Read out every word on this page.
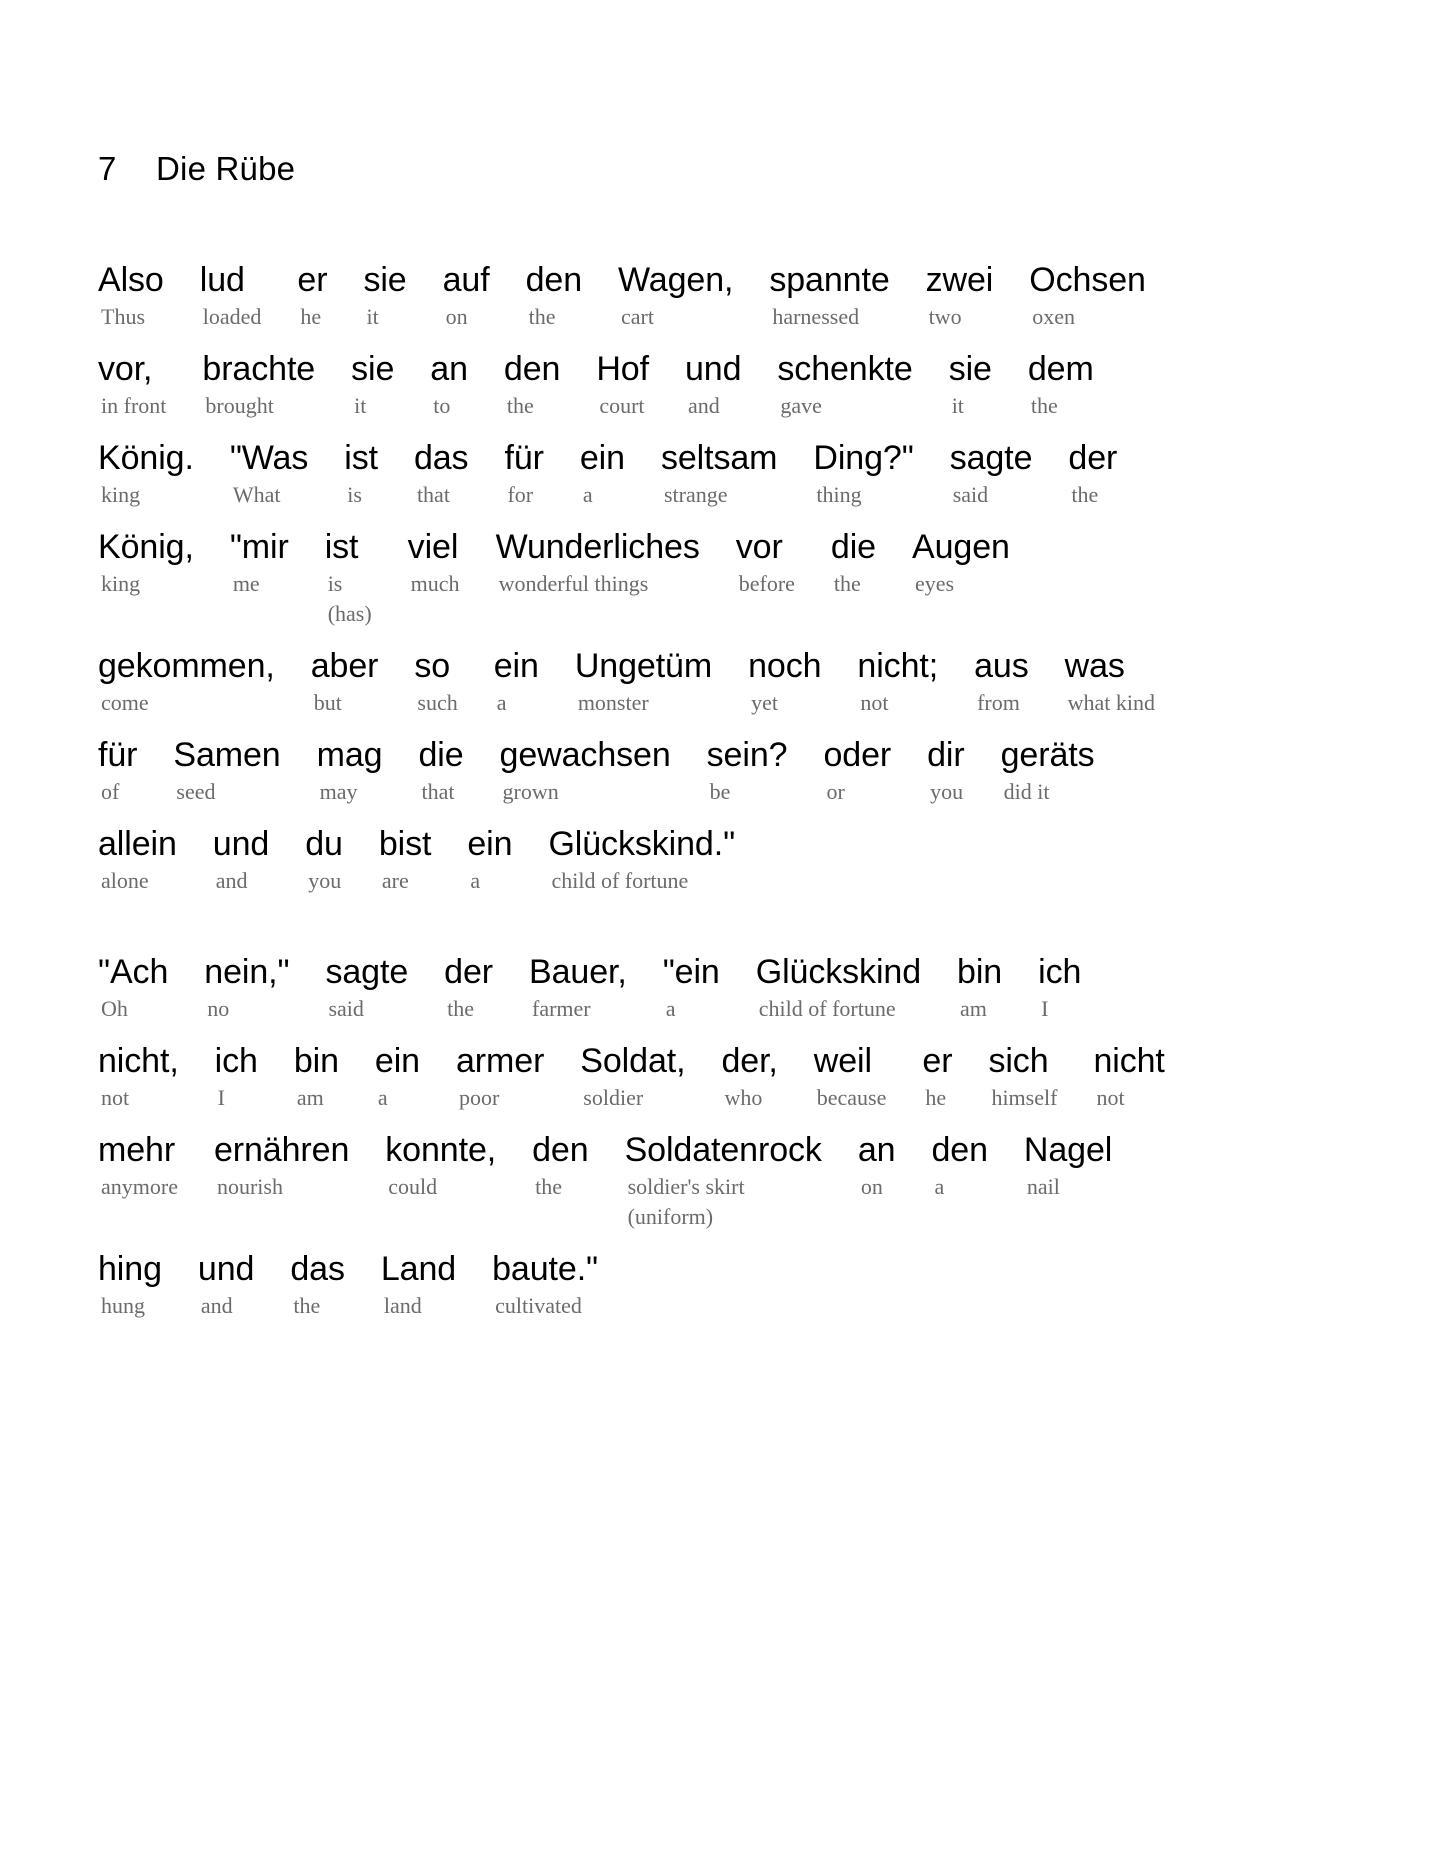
7	Die Rübe
Also
Thus
lud
loaded
er
he
sie
it
auf
on
den
the
Wagen,
cart
spannte
harnessed
zwei
two
Ochsen
oxen
vor,
in front
brachte
brought
sie
it
an
to
den
the
Hof
court
und
and
schenkte
gave
sie
it
dem
the
König.
king
"Was
What
ist
is
das
that
für
for
ein
a
seltsam
strange
Ding?"
thing
sagte
said
der
the
König,
king
"mir
me
ist
is
(has)
viel
much
Wunderliches
wonderful things
vor
before
die
the
Augen
eyes
gekommen,
come
aber
but
so
such
ein
a
Ungetüm
monster
noch
yet
nicht;
not
aus
from
was
what kind
für
of
Samen
seed
mag
may
die
that
gewachsen
grown
sein?
be
oder
or
dir
you
geräts
did it
allein
alone
und
and
du
you
bist
are
ein
a
Glückskind."
child of fortune
"Ach
Oh
nein,"
no
sagte
said
der
the
Bauer,
farmer
"ein
a
Glückskind
child of fortune
bin
am
ich
I
nicht,
not
ich
I
bin
am
ein
a
armer
poor
Soldat,
soldier
der,
who
weil
because
er
he
sich
himself
nicht
not
mehr
anymore
ernähren
nourish
konnte,
could
den
the
Soldatenrock
soldier's skirt
(uniform)
an
on
den
a
Nagel
nail
hing
hung
und
and
das
the
Land
land
baute."
cultivated
